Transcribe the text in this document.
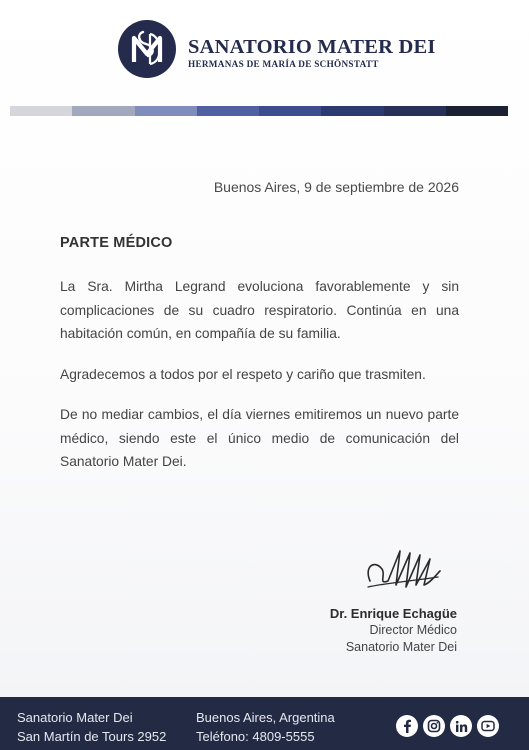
SANATORIO MATER DEI
HERMANAS DE MARÍA DE SCHÖNSTATT
Buenos Aires, 9 de septiembre de 2026
PARTE MÉDICO

La Sra. Mirtha Legrand evoluciona favorablemente y sin complicaciones de su cuadro respiratorio. Continúa en una habitación común, en compañía de su familia.

Agradecemos a todos por el respeto y cariño que trasmiten.

De no mediar cambios, el día viernes emitiremos un nuevo parte médico, siendo este el único medio de comunicación del Sanatorio Mater Dei.

Dr. Enrique Echagüe
Director Médico
Sanatorio Mater Dei
Sanatorio Mater Dei
San Martín de Tours 2952
Buenos Aires, Argentina
Teléfono: 4809-5555
